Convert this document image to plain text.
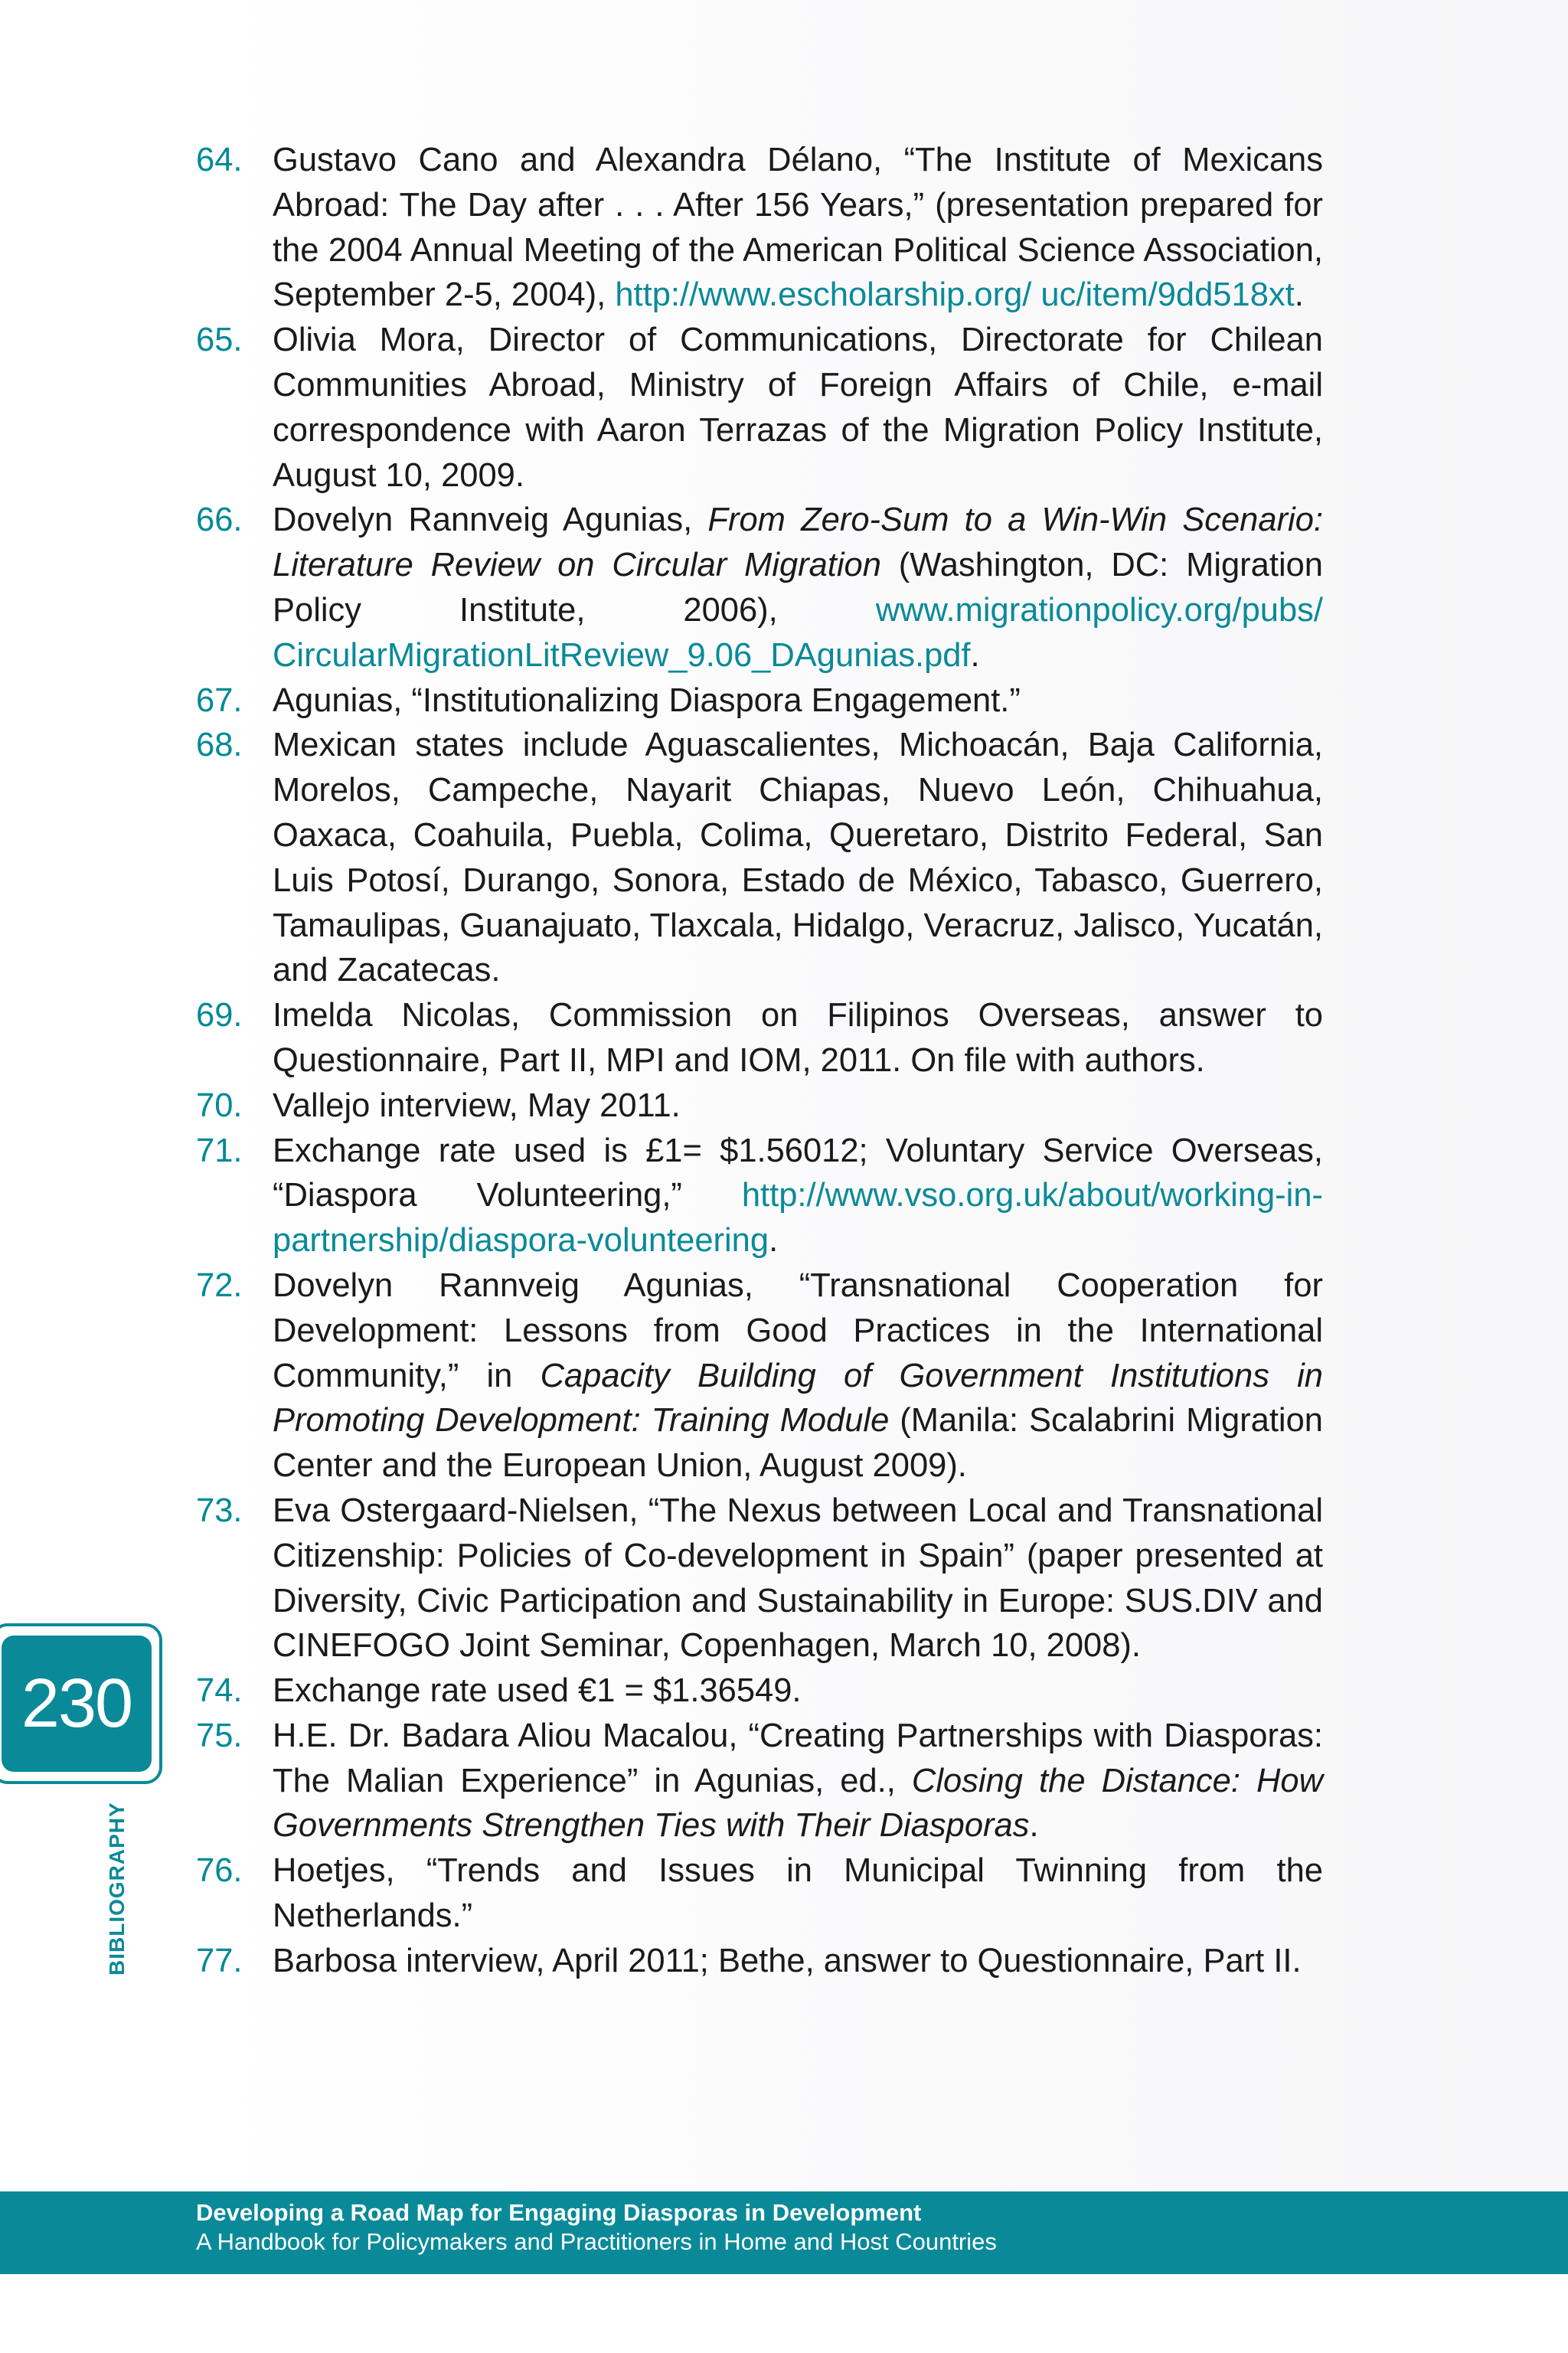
64. Gustavo Cano and Alexandra Délano, “The Institute of Mexicans Abroad: The Day after . . . After 156 Years,” (presentation prepared for the 2004 Annual Meeting of the American Political Science Association, September 2-5, 2004), http://www.escholarship.org/ uc/item/9dd518xt.
65. Olivia Mora, Director of Communications, Directorate for Chilean Communities Abroad, Ministry of Foreign Affairs of Chile, e-mail correspondence with Aaron Terrazas of the Migration Policy Institute, August 10, 2009.
66. Dovelyn Rannveig Agunias, From Zero-Sum to a Win-Win Scenario: Literature Review on Circular Migration (Washington, DC: Migration Policy Institute, 2006), www.migrationpolicy.org/pubs/ CircularMigrationLitReview_9.06_DAgunias.pdf.
67. Agunias, “Institutionalizing Diaspora Engagement.”
68. Mexican states include Aguascalientes, Michoacán, Baja California, Morelos, Campeche, Nayarit Chiapas, Nuevo León, Chihuahua, Oaxaca, Coahuila, Puebla, Colima, Queretaro, Distrito Federal, San Luis Potosí, Durango, Sonora, Estado de México, Tabasco, Guerrero, Tamaulipas, Guanajuato, Tlaxcala, Hidalgo, Veracruz, Jalisco, Yucatán, and Zacatecas.
69. Imelda Nicolas, Commission on Filipinos Overseas, answer to Questionnaire, Part II, MPI and IOM, 2011. On file with authors.
70. Vallejo interview, May 2011.
71. Exchange rate used is £1= $1.56012; Voluntary Service Overseas, “Diaspora Volunteering,” http://www.vso.org.uk/about/working-in-partnership/diaspora-volunteering.
72. Dovelyn Rannveig Agunias, “Transnational Cooperation for Development: Lessons from Good Practices in the International Community,” in Capacity Building of Government Institutions in Promoting Development: Training Module (Manila: Scalabrini Migration Center and the European Union, August 2009).
73. Eva Ostergaard-Nielsen, “The Nexus between Local and Transnational Citizenship: Policies of Co-development in Spain” (paper presented at Diversity, Civic Participation and Sustainability in Europe: SUS.DIV and CINEFOGO Joint Seminar, Copenhagen, March 10, 2008).
74. Exchange rate used €1 = $1.36549.
75. H.E. Dr. Badara Aliou Macalou, “Creating Partnerships with Diasporas: The Malian Experience” in Agunias, ed., Closing the Distance: How Governments Strengthen Ties with Their Diasporas.
76. Hoetjes, “Trends and Issues in Municipal Twinning from the Netherlands.”
77. Barbosa interview, April 2011; Bethe, answer to Questionnaire, Part II.
230
BIBLIOGRAPHY
Developing a Road Map for Engaging Diasporas in Development
A Handbook for Policymakers and Practitioners in Home and Host Countries
